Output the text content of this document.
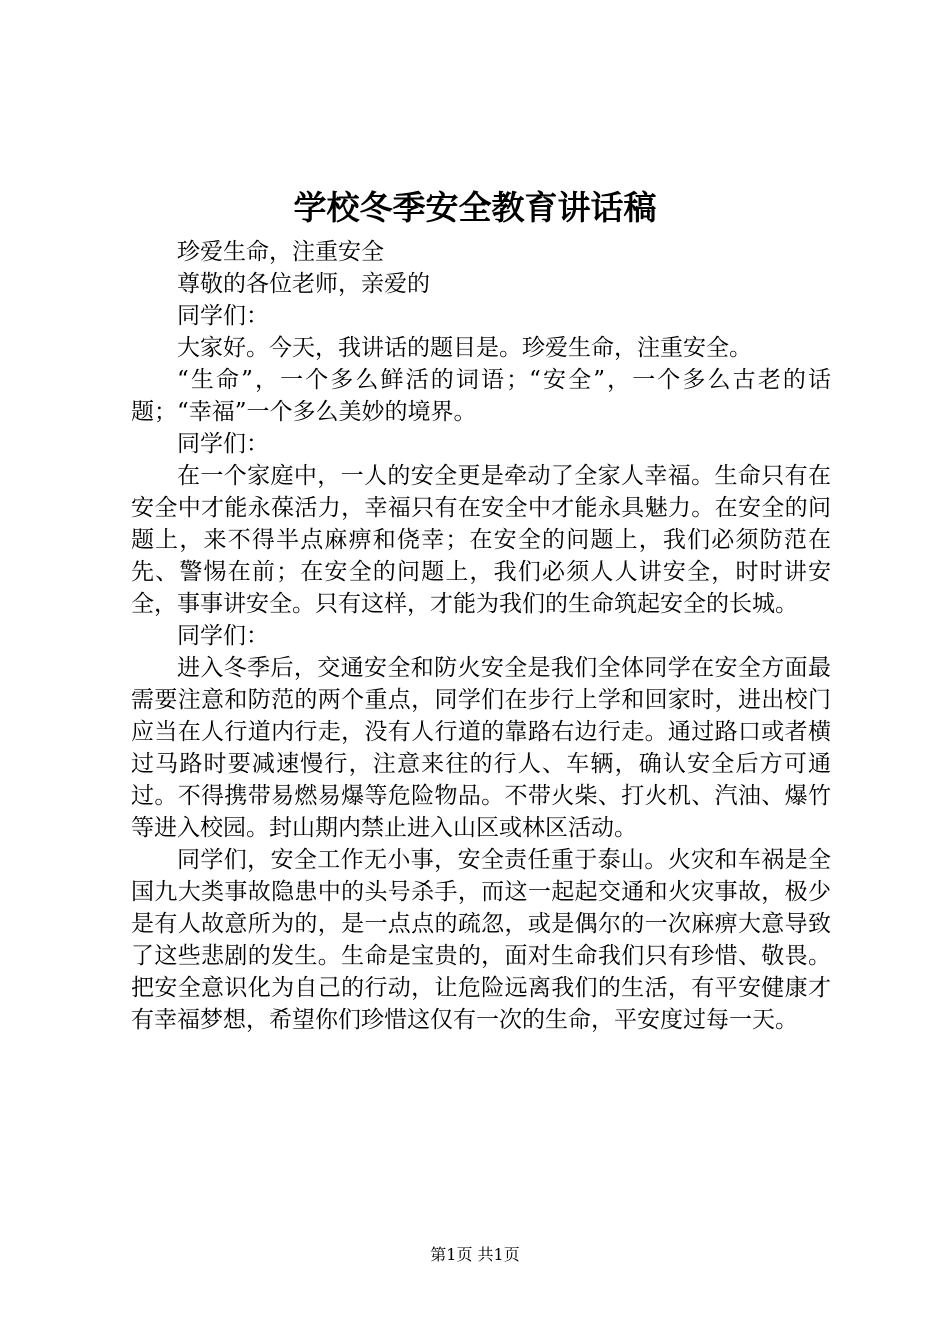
学校冬季安全教育讲话稿

珍爱生命，注重安全

尊敬的各位老师，亲爱的

同学们：

大家好。今天，我讲话的题目是。珍爱生命，注重安全。

“生命”，一个多么鲜活的词语；“安全”，一个多么古老的话题；“幸福”一个多么美妙的境界。

同学们：

在一个家庭中，一人的安全更是牵动了全家人幸福。生命只有在安全中才能永葆活力，幸福只有在安全中才能永具魅力。在安全的问题上，来不得半点麻痹和侥幸；在安全的问题上，我们必须防范在先、警惕在前；在安全的问题上，我们必须人人讲安全，时时讲安全，事事讲安全。只有这样，才能为我们的生命筑起安全的长城。

同学们：

进入冬季后，交通安全和防火安全是我们全体同学在安全方面最需要注意和防范的两个重点，同学们在步行上学和回家时，进出校门应当在人行道内行走，没有人行道的靠路右边行走。通过路口或者横过马路时要减速慢行，注意来往的行人、车辆，确认安全后方可通过。不得携带易燃易爆等危险物品。不带火柴、打火机、汽油、爆竹等进入校园。封山期内禁止进入山区或林区活动。

同学们，安全工作无小事，安全责任重于泰山。火灾和车祸是全国九大类事故隐患中的头号杀手，而这一起起交通和火灾事故，极少是有人故意所为的，是一点点的疏忽，或是偶尔的一次麻痹大意导致了这些悲剧的发生。生命是宝贵的，面对生命我们只有珍惜、敬畏。把安全意识化为自己的行动，让危险远离我们的生活，有平安健康才有幸福梦想，希望你们珍惜这仅有一次的生命，平安度过每一天。

第1页 共1页
